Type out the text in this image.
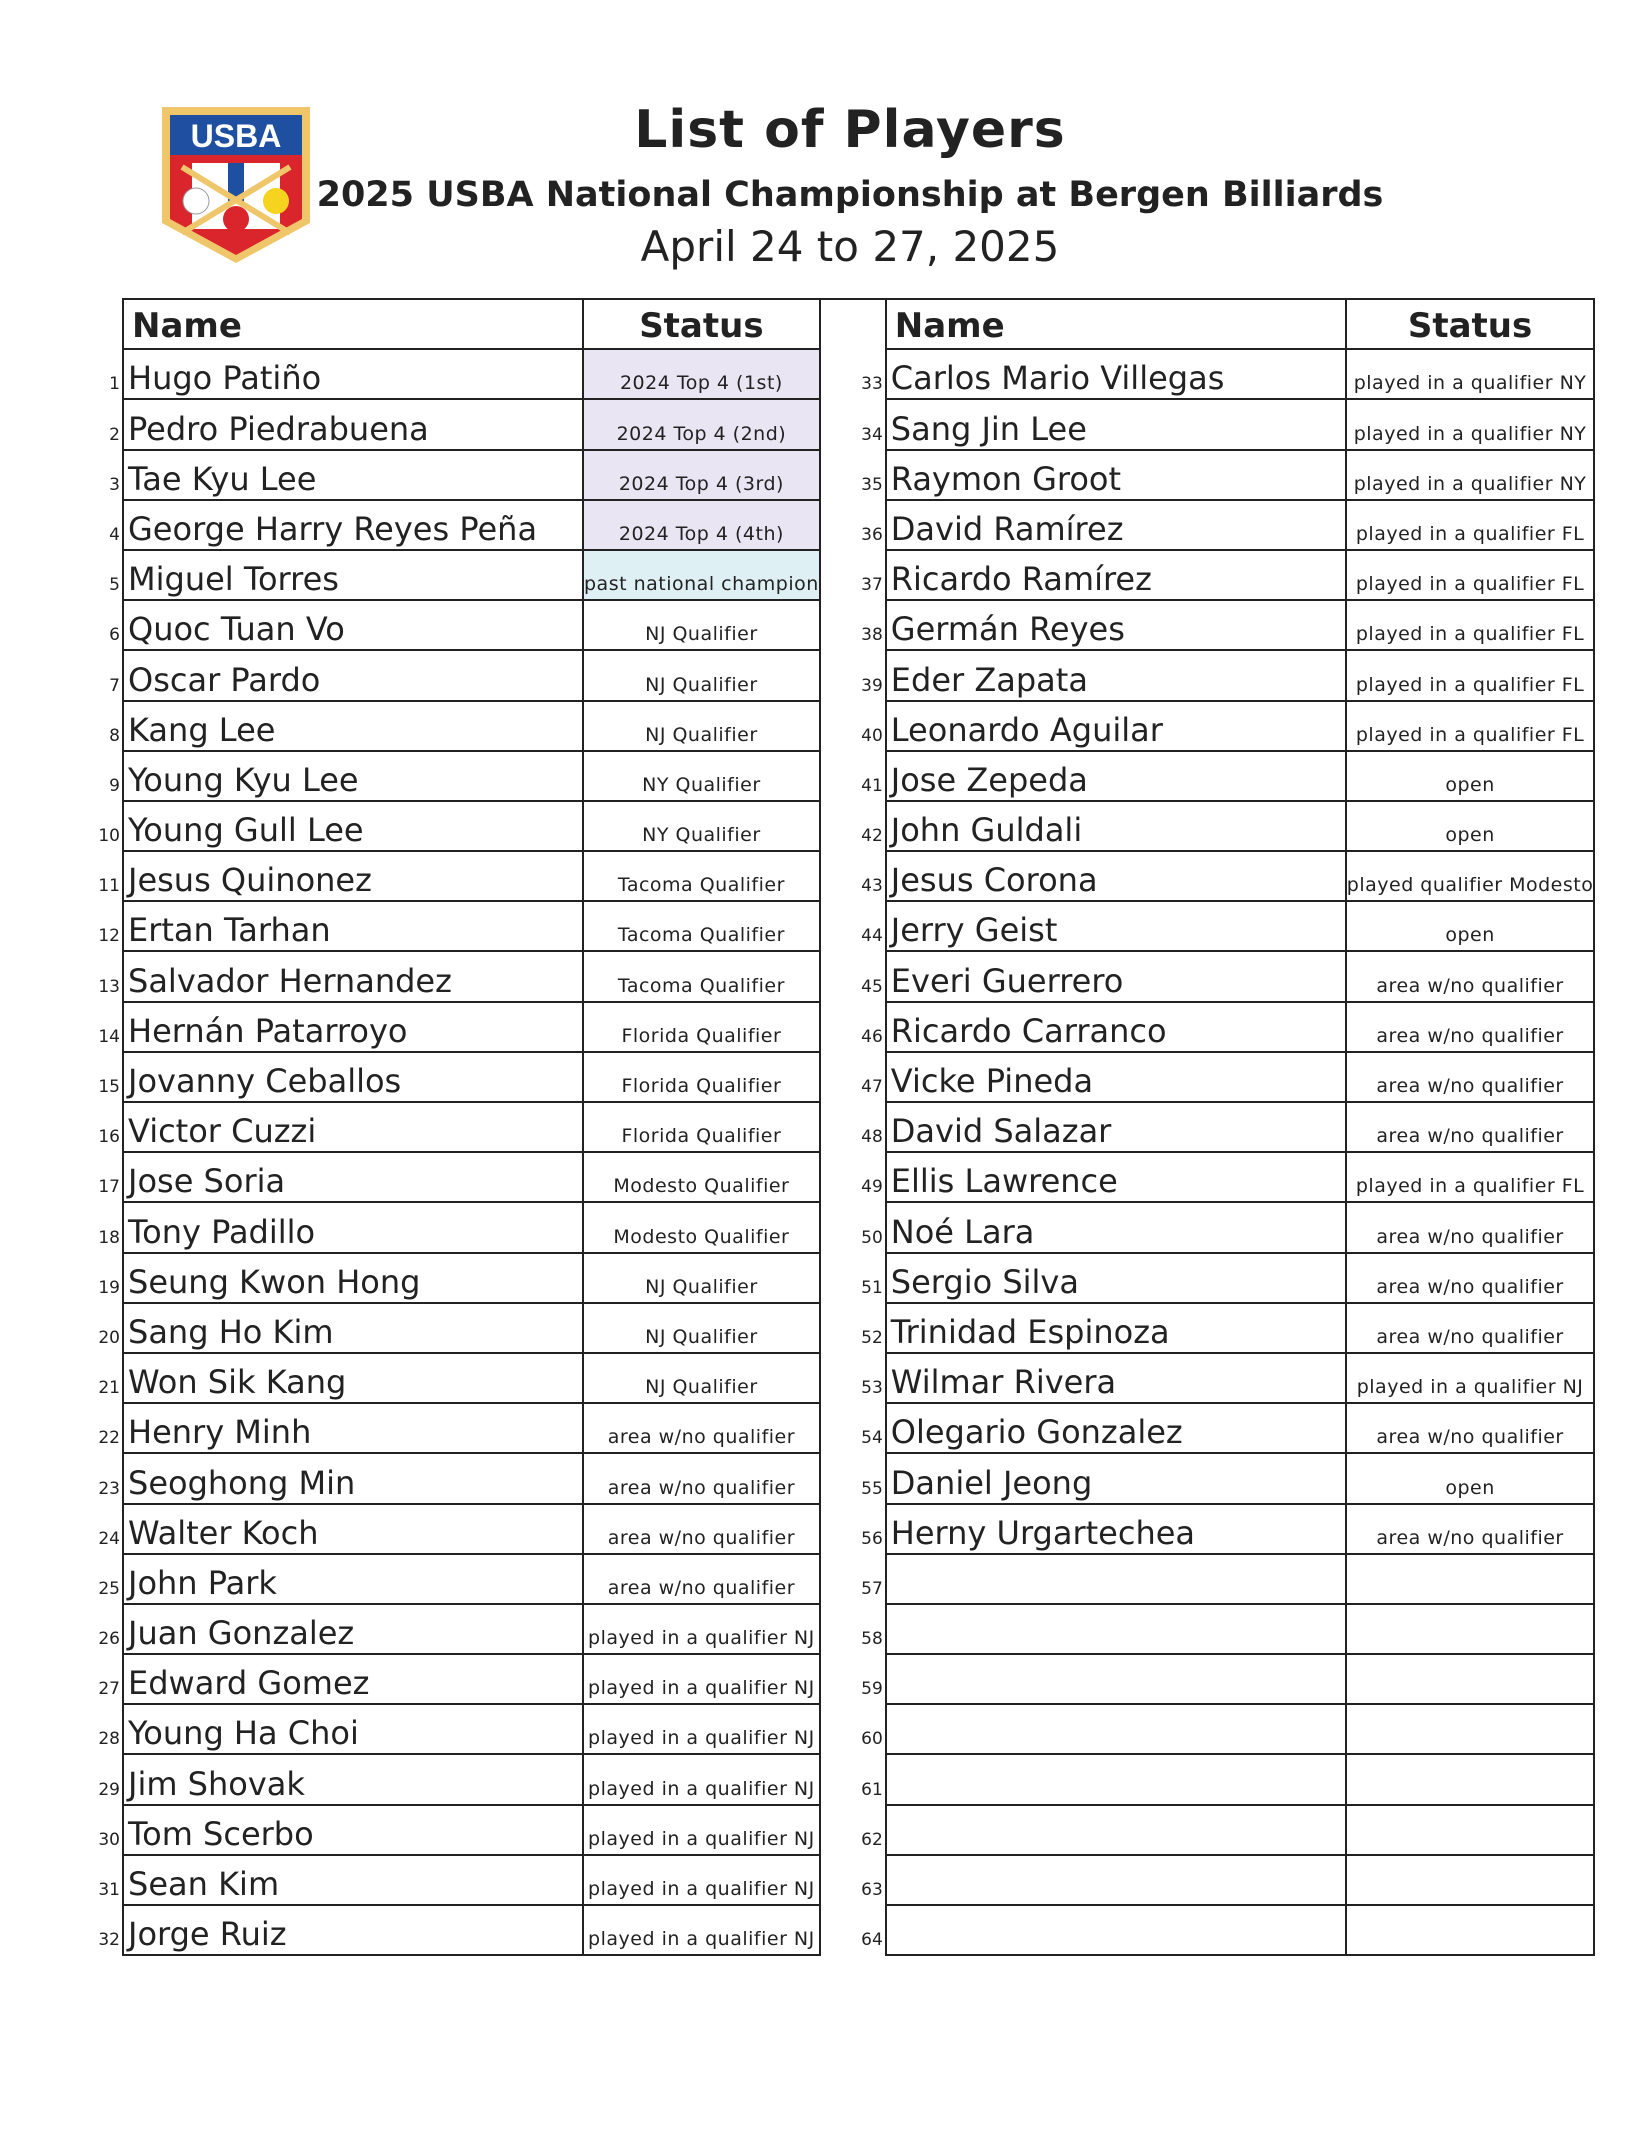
USBA	List of Players
2025 USBA National Championship at Bergen Billiards
April 24 to 27, 2025
Name	Status		Name	Status

1 Hugo Patiño	2024 Top 4 (1st)		33 Carlos Mario Villegas	played in a qualifier NY

2 Pedro Piedrabuena	2024 Top 4 (2nd)		34 Sang Jin Lee	played in a qualifier NY

3 Tae Kyu Lee	2024 Top 4 (3rd)		35 Raymon Groot	played in a qualifier NY

4 George Harry Reyes Peña	2024 Top 4 (4th)		36 David Ramírez	played in a qualifier FL

5 Miguel Torres	past national champion		37 Ricardo Ramírez	played in a qualifier FL

6 Quoc Tuan Vo	NJ Qualifier		38 Germán Reyes	played in a qualifier FL

7 Oscar Pardo	NJ Qualifier		39 Eder Zapata	played in a qualifier FL

8 Kang Lee	NJ Qualifier		40 Leonardo Aguilar	played in a qualifier FL

9 Young Kyu Lee	NY Qualifier		41 Jose Zepeda	open

10 Young Gull Lee	NY Qualifier		42 John Guldali	open

11 Jesus Quinonez	Tacoma Qualifier		43 Jesus Corona	played qualifier Modesto

12 Ertan Tarhan	Tacoma Qualifier		44 Jerry Geist	open

13 Salvador Hernandez	Tacoma Qualifier		45 Everi Guerrero	area w/no qualifier

14 Hernán Patarroyo	Florida Qualifier		46 Ricardo Carranco	area w/no qualifier

15 Jovanny Ceballos	Florida Qualifier		47 Vicke Pineda	area w/no qualifier

16 Victor Cuzzi	Florida Qualifier		48 David Salazar	area w/no qualifier

17 Jose Soria	Modesto Qualifier		49 Ellis Lawrence	played in a qualifier FL

18 Tony Padillo	Modesto Qualifier		50 Noé Lara	area w/no qualifier

19 Seung Kwon Hong	NJ Qualifier		51 Sergio Silva	area w/no qualifier

20 Sang Ho Kim	NJ Qualifier		52 Trinidad Espinoza	area w/no qualifier

21 Won Sik Kang	NJ Qualifier		53 Wilmar Rivera	played in a qualifier NJ

22 Henry Minh	area w/no qualifier		54 Olegario Gonzalez	area w/no qualifier

23 Seoghong Min	area w/no qualifier		55 Daniel Jeong	open

24 Walter Koch	area w/no qualifier		56 Herny Urgartechea	area w/no qualifier

25 John Park	area w/no qualifier		57	

26 Juan Gonzalez	played in a qualifier NJ		58	

27 Edward Gomez	played in a qualifier NJ		59	

28 Young Ha Choi	played in a qualifier NJ		60	

29 Jim Shovak	played in a qualifier NJ		61	

30 Tom Scerbo	played in a qualifier NJ		62	

31 Sean Kim	played in a qualifier NJ		63	

32 Jorge Ruiz	played in a qualifier NJ		64	
